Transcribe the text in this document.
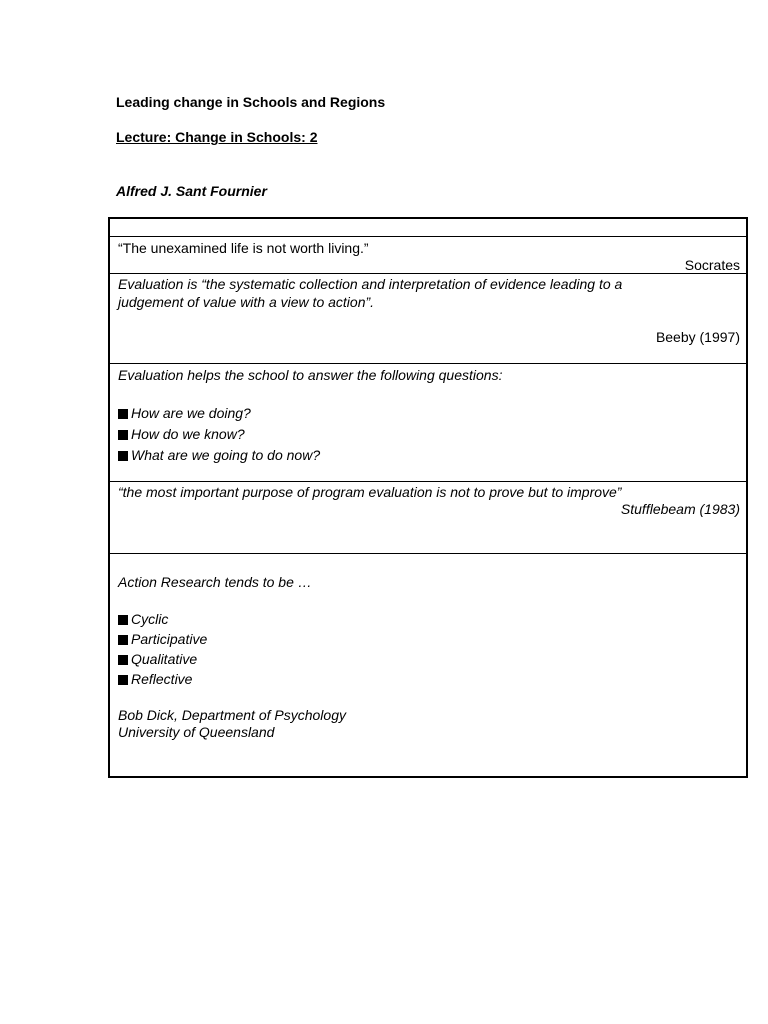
Leading change in Schools and Regions
Lecture: Change in Schools: 2
Alfred J. Sant Fournier
“The unexamined life is not worth living.”
Socrates
Evaluation is “the systematic collection and interpretation of evidence leading to a
judgement of value with a view to action”.
Beeby (1997)
Evaluation helps the school to answer the following questions:
How are we doing?
How do we know?
What are we going to do now?
“the most important purpose of program evaluation is not to prove but to improve”
Stufflebeam (1983)
Action Research tends to be …
Cyclic
Participative
Qualitative
Reflective
Bob Dick, Department of Psychology
University of Queensland
